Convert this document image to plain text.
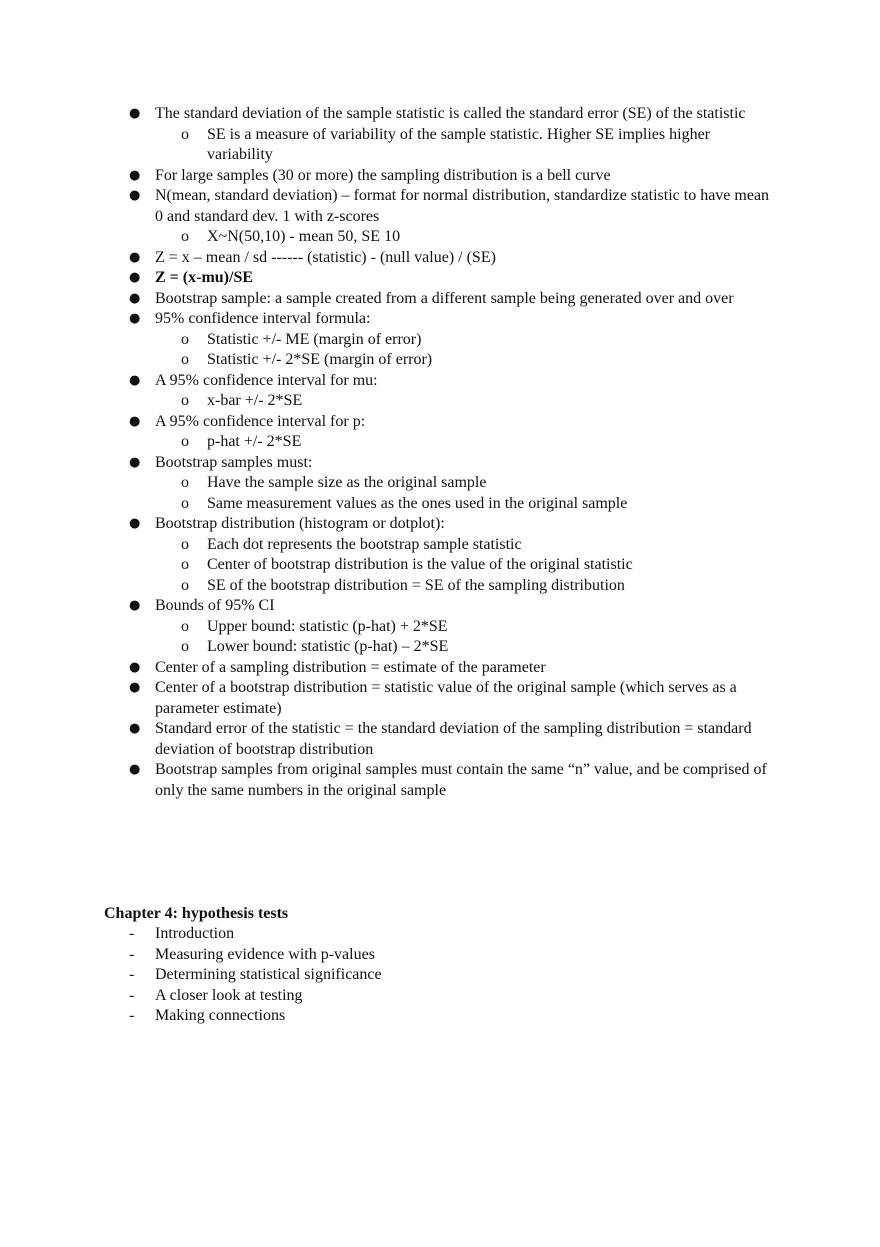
● The standard deviation of the sample statistic is called the standard error (SE) of the statistic
o SE is a measure of variability of the sample statistic. Higher SE implies higher variability
● For large samples (30 or more) the sampling distribution is a bell curve
● N(mean, standard deviation) – format for normal distribution, standardize statistic to have mean 0 and standard dev. 1 with z-scores
o X~N(50,10) - mean 50, SE 10
● Z = x – mean / sd ------ (statistic) - (null value) / (SE)
● Z = (x-mu)/SE
● Bootstrap sample: a sample created from a different sample being generated over and over
● 95% confidence interval formula:
o Statistic +/- ME (margin of error)
o Statistic +/- 2*SE (margin of error)
● A 95% confidence interval for mu:
o x-bar +/- 2*SE
● A 95% confidence interval for p:
o p-hat +/- 2*SE
● Bootstrap samples must:
o Have the sample size as the original sample
o Same measurement values as the ones used in the original sample
● Bootstrap distribution (histogram or dotplot):
o Each dot represents the bootstrap sample statistic
o Center of bootstrap distribution is the value of the original statistic
o SE of the bootstrap distribution = SE of the sampling distribution
● Bounds of 95% CI
o Upper bound: statistic (p-hat) + 2*SE
o Lower bound: statistic (p-hat) – 2*SE
● Center of a sampling distribution = estimate of the parameter
● Center of a bootstrap distribution = statistic value of the original sample (which serves as a parameter estimate)
● Standard error of the statistic = the standard deviation of the sampling distribution = standard deviation of bootstrap distribution
● Bootstrap samples from original samples must contain the same “n” value, and be comprised of only the same numbers in the original sample
Chapter 4: hypothesis tests
- Introduction
- Measuring evidence with p-values
- Determining statistical significance
- A closer look at testing
- Making connections
